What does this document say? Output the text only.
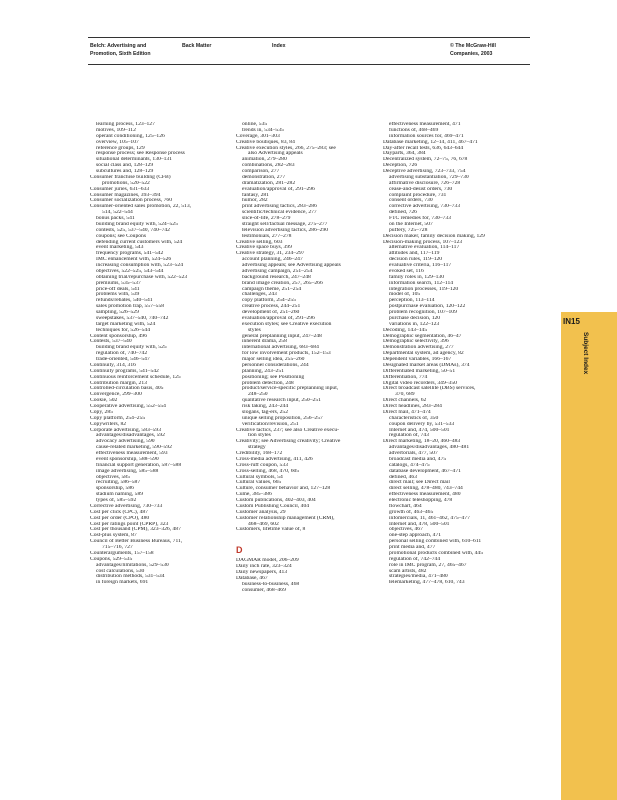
Belch: Advertising and
Promotion, Sixth Edition
Back Matter	Index	© The McGraw-Hill
Companies, 2003
learning process, 123–127
motives, 109–112
operant conditioning, 125–126
overview, 105–107
reference groups, 129
response process; see Response process
situational determinants, 130–131
social class and, 128–129
subcultures and, 128–129
Consumer franchise building (CFB)
promotions, 520–522
Consumer juries, 631–633
Consumer magazines, 393–394
Consumer socialization process, 760
Consumer-oriented sales promotion, 22, 513,
514, 522–544
bonus packs, 541
building brand equity with, 524–525
contests, 525, 537–540, 740–742
coupons; see Coupons
defending current customers with, 524
event marketing, 543
frequency programs, 541–542
IMC enhancement with, 524–526
increasing consumption with, 523–524
objectives, 522–525, 543–544
obtaining trial/repurchase with, 522–523
premiums, 535–537
price-off deals, 541
problems with, 539
refunds/rebates, 540–541
sales promotion trap, 557–558
sampling, 526–529
sweepstakes, 537–540, 740–742
target marketing with, 524
techniques for, 526–544
Content sponsorship, 496
Contests, 537–540
building brand equity with, 525
regulation of, 740–742
trade-oriented, 546–547
Continuity, 314, 316
Continuity programs, 541–542
Continuous reinforcement schedule, 125
Contribution margin, 213
Controlled-circulation basis, 405
Convergence, 299–300
Cookie, 502
Cooperative advertising, 552–554
Copy, 285
Copy platform, 254–255
Copywriters, 82
Corporate advertising, 583–593
advantages/disadvantages, 592
advocacy advertising, 590
cause-related marketing, 590–592
effectiveness measurement, 593
event sponsorship, 588–590
financial support generation, 587–588
image advertising, 585–588
objectives, 585
recruiting, 586–587
sponsorship, 586
stadium naming, 589
types of, 585–592
Corrective advertising, 730–733
Cost per click (CPC), 487
Cost per order (CPO), 480
Cost per ratings point (CPRP), 323
Cost per thousand (CPM), 323–326, 487
Cost-plus system, 87
Council of Better Business Bureaus, 711,
715–716, 727
Counterarguments, 157–158
Coupons, 529–535
advantages/limitations, 529–530
cost calculations, 530
distribution methods, 531–534
in foreign markets, 691
online, 535
trends in, 534–535
Coverage, 301–303
Creative boutiques, 83, 84
Creative execution styles, 266, 275–283; see
also Advertising appeals
animation, 279–280
combinations, 282–283
comparison, 277
demonstration, 277
dramatization, 281–282
evaluation/approval of, 291–296
fantasy, 281
humor, 282
print advertising tactics, 283–286
scientific/technical evidence, 277
slice-of-life, 278–279
straight sell/factual message, 275–277
television advertising tactics, 286–290
testimonials, 277–278
Creative selling, 603
Creative space buys, 399
Creative strategy, 31, 234–297
account planning, 246–247
advertising appeals; see Advertising appeals
advertising campaign, 251–254
background research, 247–248
brand image creation, 257, 265–266
campaign theme, 251–254
challenges, 243
copy platform, 254–255
creative process, 244–251
development of, 251–260
evaluation/approval of, 291–296
execution styles; see Creative execution
styles
general preplanning input, 247–248
inherent drama, 258
international advertising, 683–684
for low involvement products, 152–153
major selling idea, 255–260
personnel considerations, 244
planning, 243–251
positioning; see Positioning
problem detection, 248
product/service-specific preplanning input,
248–250
qualitative research input, 250–251
risk taking, 243–244
slogans, tag-ers, 252
unique selling proposition, 256–257
verification/revision, 251
Creative tactics, 237; see also Creative execu-
tion styles
Creativity; see Advertising creativity; Creative
strategy
Credibility, 168–172
Cross-media advertising, 411, 426
Cross-ruff coupon, 533
Cross-selling, 468, 470, 605
Cultural symbols, 54
Cultural values, 665
Culture, consumer behavior and, 127–128
Cume, 385–386
Custom publications, 402–403, 404
Custom Publishing Council, 404
Customer analysis, 29
Customer relationship management (CRM),
468–469, 602
Customers, lifetime value of, 8
D
DAGMAR model, 206–209
Daily inch rate, 323–324
Daily newspapers, 413
Database, 467
business-to-business, 468
consumer, 468–469
effectiveness measurement, 471
functions of, 468–469
information sources for, 469–471
Database marketing, 12–14, 411, 467–471
Day-after recall tests, 636, 643–644
Dayparts, 364, 384
Decentralized system, 72–75, 76, 678
Deception, 726
Deceptive advertising, 723–733, 754
advertising substantiation, 729–730
affirmative disclosure, 726–728
cease-and-desist orders, 730
complaint procedure, 731
consent orders, 730
corrective advertising, 730–733
defined, 726
FTC remedies for, 730–733
on the Internet, 507
puffery, 725–728
Decision maker, family decision making, 129
Decision-making process, 107–123
alternative evaluation, 114–117
attitudes and, 117–119
decision rules, 119–120
evaluative criteria, 116–117
evoked set, 116
family roles in, 129–130
information search, 112–114
integration processes, 119–120
model of, 105
perception, 113–114
postpurchase evaluation, 120–122
problem recognition, 107–109
purchase decision, 120
variations in, 122–123
Decoding, 143–145
Demographic segmentation, 46–47
Demographic selectivity, 396
Demonstration advertising, 277
Departmental system, ad agency, 82
Dependent variables, 166–167
Designated market areas (DMAs), 374
Differentiated marketing, 50–51
Differentiation, 774
Digital video recorders, 349–350
Direct broadcast satellite (DBS) services,
370, 689
Direct channels, 62
Direct headlines, 283–284
Direct mail, 471–474
characteristics of, 350
coupon delivery by, 531–533
Internet and, 474, 500–501
regulation of, 743
Direct marketing, 18–20, 460–483
advantages/disadvantages, 480–481
advertorials, 477, 507
broadcast media and, 475
catalogs, 474–475
database development, 467–471
defined, 463
direct mail; see Direct mail
direct selling, 478–480, 743–744
effectiveness measurement, 480
electronic teleshopping, 478
flowchart, 464
growth of, 463–465
infomercials, 11, 461–462, 475–477
Internet and, 478, 500–501
objectives, 467
one-step approach, 471
personal selling combined with, 610–611
print media and, 477
promotional products combined with, 445
regulation of, 742–744
role in IMC program, 27, 465–467
scam artists, 482
strategies/media, 471–480
telemarketing, 477–478, 610, 743
IN15
Subject Index
